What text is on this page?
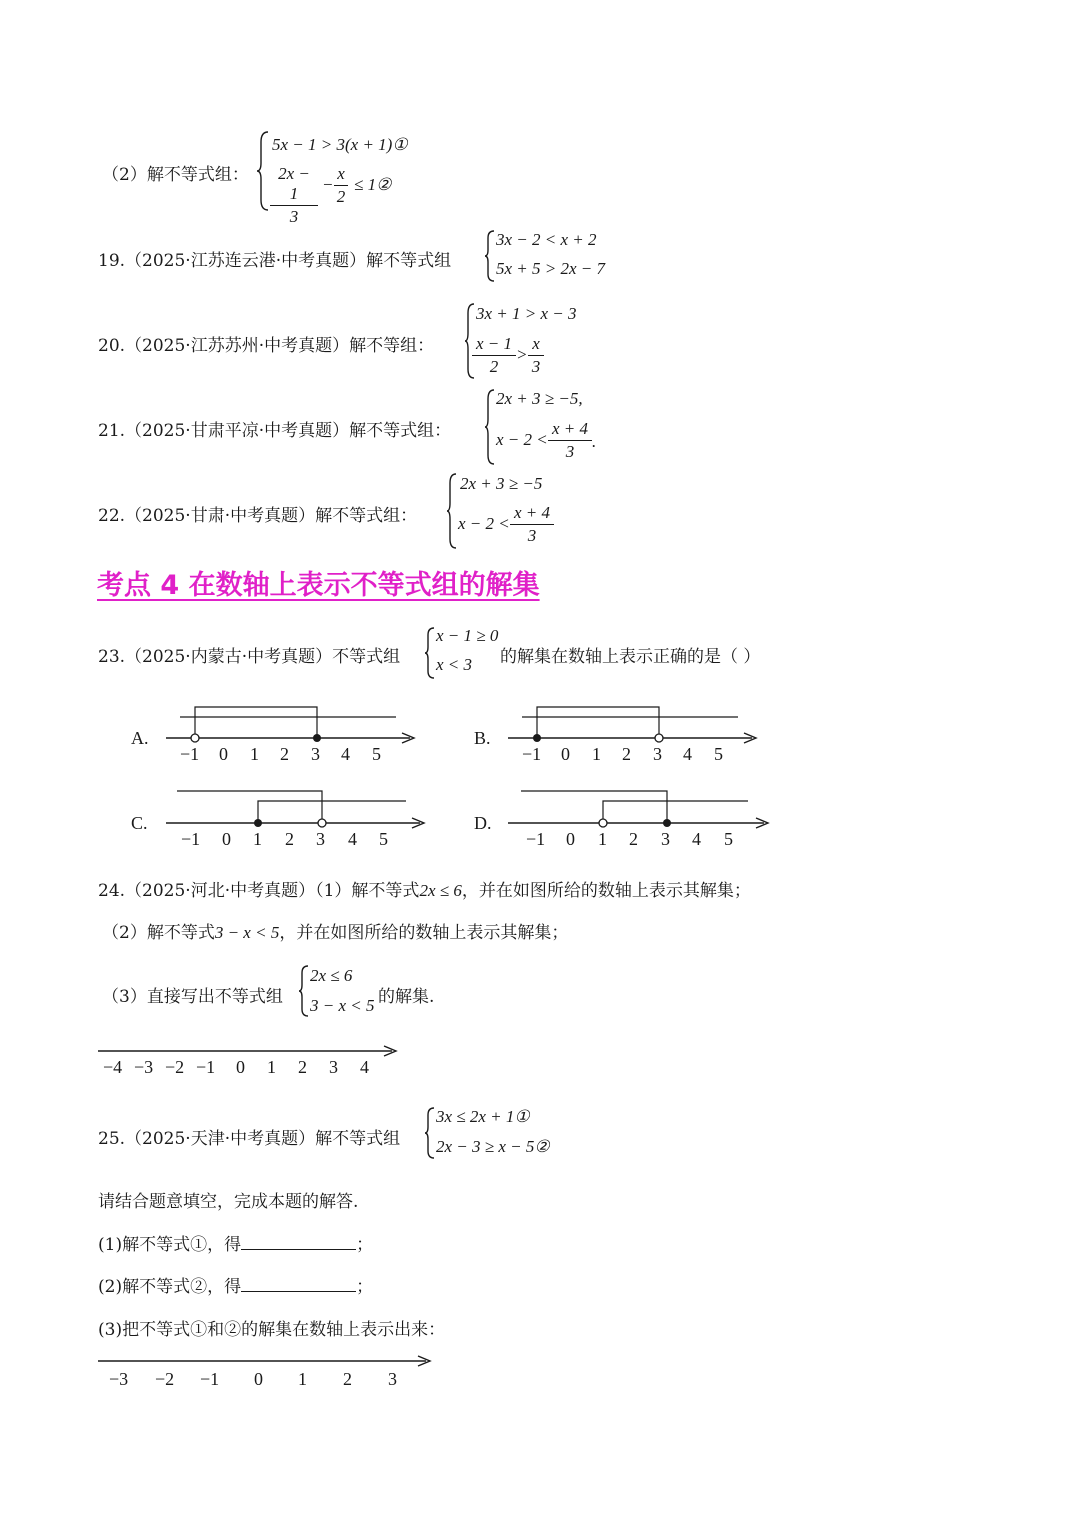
（2）解不等式组：
5x − 1 > 3(x + 1)①
$\frac{2x - 1}{3} - \frac{x}{2}$ ≤ 1②
19.（2025·江苏连云港·中考真题）解不等式组
3x − 2 < x + 2
5x + 5 > 2x − 7
20.（2025·江苏苏州·中考真题）解不等组：
3x + 1 > x − 3
$\frac{x - 1}{2} > \frac{x}{3}$
21.（2025·甘肃平凉·中考真题）解不等式组：
2x + 3 ≥ −5,
$x - 2 < \frac{x + 4}{3}$ .
22.（2025·甘肃·中考真题）解不等式组：
2x + 3 ≥ −5
$x - 2 < \frac{x + 4}{3}$
考点 4 在数轴上表示不等式组的解集
23.（2025·内蒙古·中考真题）不等式组
x − 1 ≥ 0
x < 3 的解集在数轴上表示正确的是（ ）
A.
−1 0 1 2 3 4 5
B.
−1 0 1 2 3 4 5
C.
−1 0 1 2 3 4 5
D.
−1 0 1 2 3 4 5
24.（2025·河北·中考真题）（1）解不等式2x ≤ 6，并在如图所给的数轴上表示其解集；
（2）解不等式3 − x < 5，并在如图所给的数轴上表示其解集；
（3）直接写出不等式组
2x ≤ 6
3 − x < 5 的解集.
−4 −3 −2 −1 0 1 2 3 4
25.（2025·天津·中考真题）解不等式组
3x ≤ 2x + 1①
2x − 3 ≥ x − 5②
请结合题意填空，完成本题的解答.
(1)解不等式①，得	；
(2)解不等式②，得	；
(3)把不等式①和②的解集在数轴上表示出来：
−3 −2 −1 0 1 2 3
